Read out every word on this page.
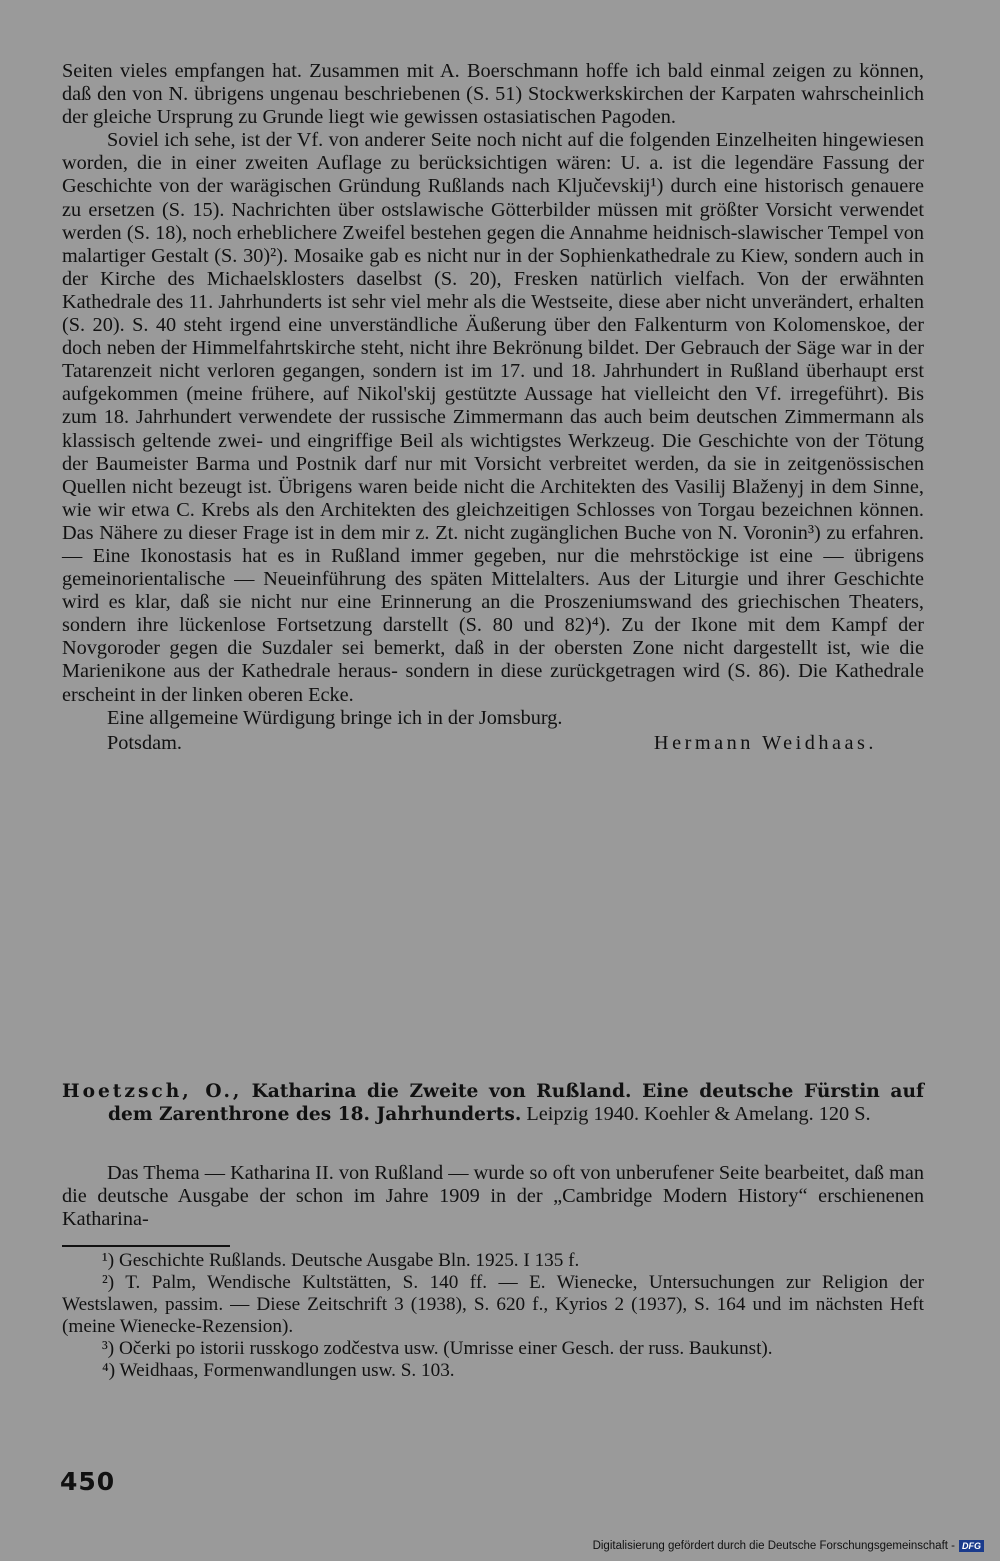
Seiten vieles empfangen hat. Zusammen mit A. Boerschmann hoffe ich bald einmal zeigen zu können, daß den von N. übrigens ungenau beschriebenen (S. 51) Stockwerkskirchen der Karpaten wahrscheinlich der gleiche Ursprung zu Grunde liegt wie gewissen ostasiatischen Pagoden.

Soviel ich sehe, ist der Vf. von anderer Seite noch nicht auf die folgenden Einzelheiten hingewiesen worden, die in einer zweiten Auflage zu berücksichtigen wären: U. a. ist die legendäre Fassung der Geschichte von der warägischen Gründung Rußlands nach Ključevskij¹) durch eine historisch genauere zu ersetzen (S. 15). Nachrichten über ostslawische Götterbilder müssen mit größter Vorsicht verwendet werden (S. 18), noch erheblichere Zweifel bestehen gegen die Annahme heidnisch-slawischer Tempel von malartiger Gestalt (S. 30)²). Mosaike gab es nicht nur in der Sophienkathedrale zu Kiew, sondern auch in der Kirche des Michaelsklosters daselbst (S. 20), Fresken natürlich vielfach. Von der erwähnten Kathedrale des 11. Jahrhunderts ist sehr viel mehr als die Westseite, diese aber nicht unverändert, erhalten (S. 20). S. 40 steht irgend eine unverständliche Äußerung über den Falkenturm von Kolomenskoe, der doch neben der Himmelfahrtskirche steht, nicht ihre Bekrönung bildet. Der Gebrauch der Säge war in der Tatarenzeit nicht verloren gegangen, sondern ist im 17. und 18. Jahrhundert in Rußland überhaupt erst aufgekommen (meine frühere, auf Nikol'skij gestützte Aussage hat vielleicht den Vf. irregeführt). Bis zum 18. Jahrhundert verwendete der russische Zimmermann das auch beim deutschen Zimmermann als klassisch geltende zwei- und eingriffige Beil als wichtigstes Werkzeug. Die Geschichte von der Tötung der Baumeister Barma und Postnik darf nur mit Vorsicht verbreitet werden, da sie in zeitgenössischen Quellen nicht bezeugt ist. Übrigens waren beide nicht die Architekten des Vasilij Blaženyj in dem Sinne, wie wir etwa C. Krebs als den Architekten des gleichzeitigen Schlosses von Torgau bezeichnen können. Das Nähere zu dieser Frage ist in dem mir z. Zt. nicht zugänglichen Buche von N. Voronin³) zu erfahren. — Eine Ikonostasis hat es in Rußland immer gegeben, nur die mehrstöckige ist eine — übrigens gemeinorientalische — Neueinführung des späten Mittelalters. Aus der Liturgie und ihrer Geschichte wird es klar, daß sie nicht nur eine Erinnerung an die Proszeniumswand des griechischen Theaters, sondern ihre lückenlose Fortsetzung darstellt (S. 80 und 82)⁴). Zu der Ikone mit dem Kampf der Novgoroder gegen die Suzdaler sei bemerkt, daß in der obersten Zone nicht dargestellt ist, wie die Marienikone aus der Kathedrale heraus- sondern in diese zurückgetragen wird (S. 86). Die Kathedrale erscheint in der linken oberen Ecke.

Eine allgemeine Würdigung bringe ich in der Jomsburg.

Potsdam.	Hermann Weidhaas.
Hoetzsch, O., Katharina die Zweite von Rußland. Eine deutsche Fürstin auf dem Zarenthrone des 18. Jahrhunderts. Leipzig 1940. Koehler & Amelang. 120 S.

Das Thema — Katharina II. von Rußland — wurde so oft von unberufener Seite bearbeitet, daß man die deutsche Ausgabe der schon im Jahre 1909 in der „Cambridge Modern History“ erschienenen Katharina-

¹) Geschichte Rußlands. Deutsche Ausgabe Bln. 1925. I 135 f.

²) T. Palm, Wendische Kultstätten, S. 140 ff. — E. Wienecke, Untersuchungen zur Religion der Westslawen, passim. — Diese Zeitschrift 3 (1938), S. 620 f., Kyrios 2 (1937), S. 164 und im nächsten Heft (meine Wienecke-Rezension).

³) Očerki po istorii russkogo zodčestva usw. (Umrisse einer Gesch. der russ. Baukunst).

⁴) Weidhaas, Formenwandlungen usw. S. 103.

450
Digitalisierung gefördert durch die Deutsche Forschungsgemeinschaft - DFG
